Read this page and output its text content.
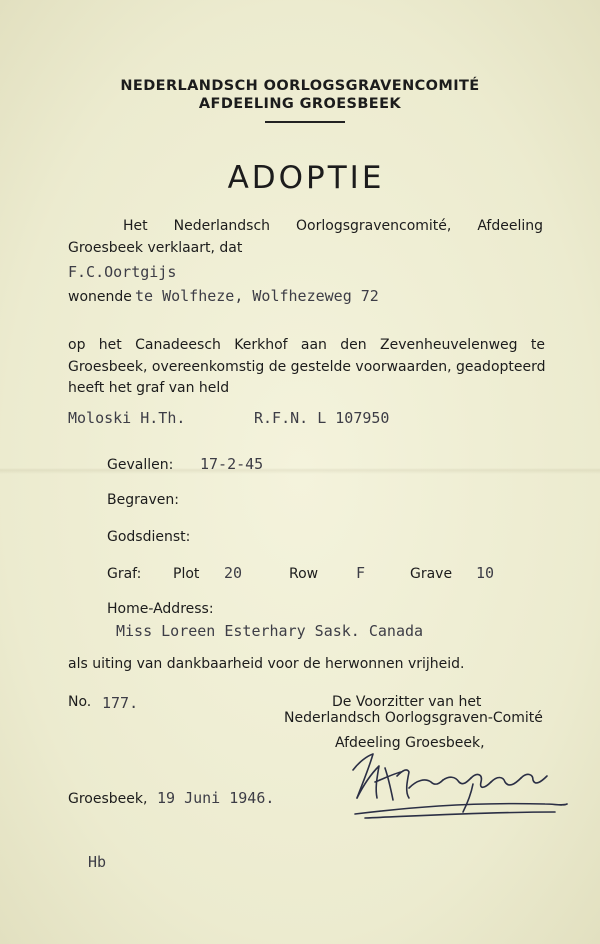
NEDERLANDSCH OORLOGSGRAVENCOMITÉ
AFDEELING GROESBEEK
ADOPTIE
Het Nederlandsch Oorlogsgravencomité, Afdeeling
Groesbeek verklaart, dat
F.C.Oortgijs
wonende te Wolfheze, Wolfhezeweg 72
op het Canadeesch Kerkhof aan den Zevenheuvelenweg te
Groesbeek, overeenkomstig de gestelde voorwaarden, geadopteerd
heeft het graf van held
Moloski H.Th.	R.F.N. L 107950
Gevallen: 17-2-45
Begraven:
Godsdienst:
Graf: Plot 20	Row	F	Grave 10
Home-Address:
Miss Loreen Esterhary Sask. Canada
als uiting van dankbaarheid voor de herwonnen vrijheid.
No. 177.	De Voorzitter van het
Nederlandsch Oorlogsgraven-Comité
Afdeeling Groesbeek,
Groesbeek, 19 Juni 1946.
Hb
